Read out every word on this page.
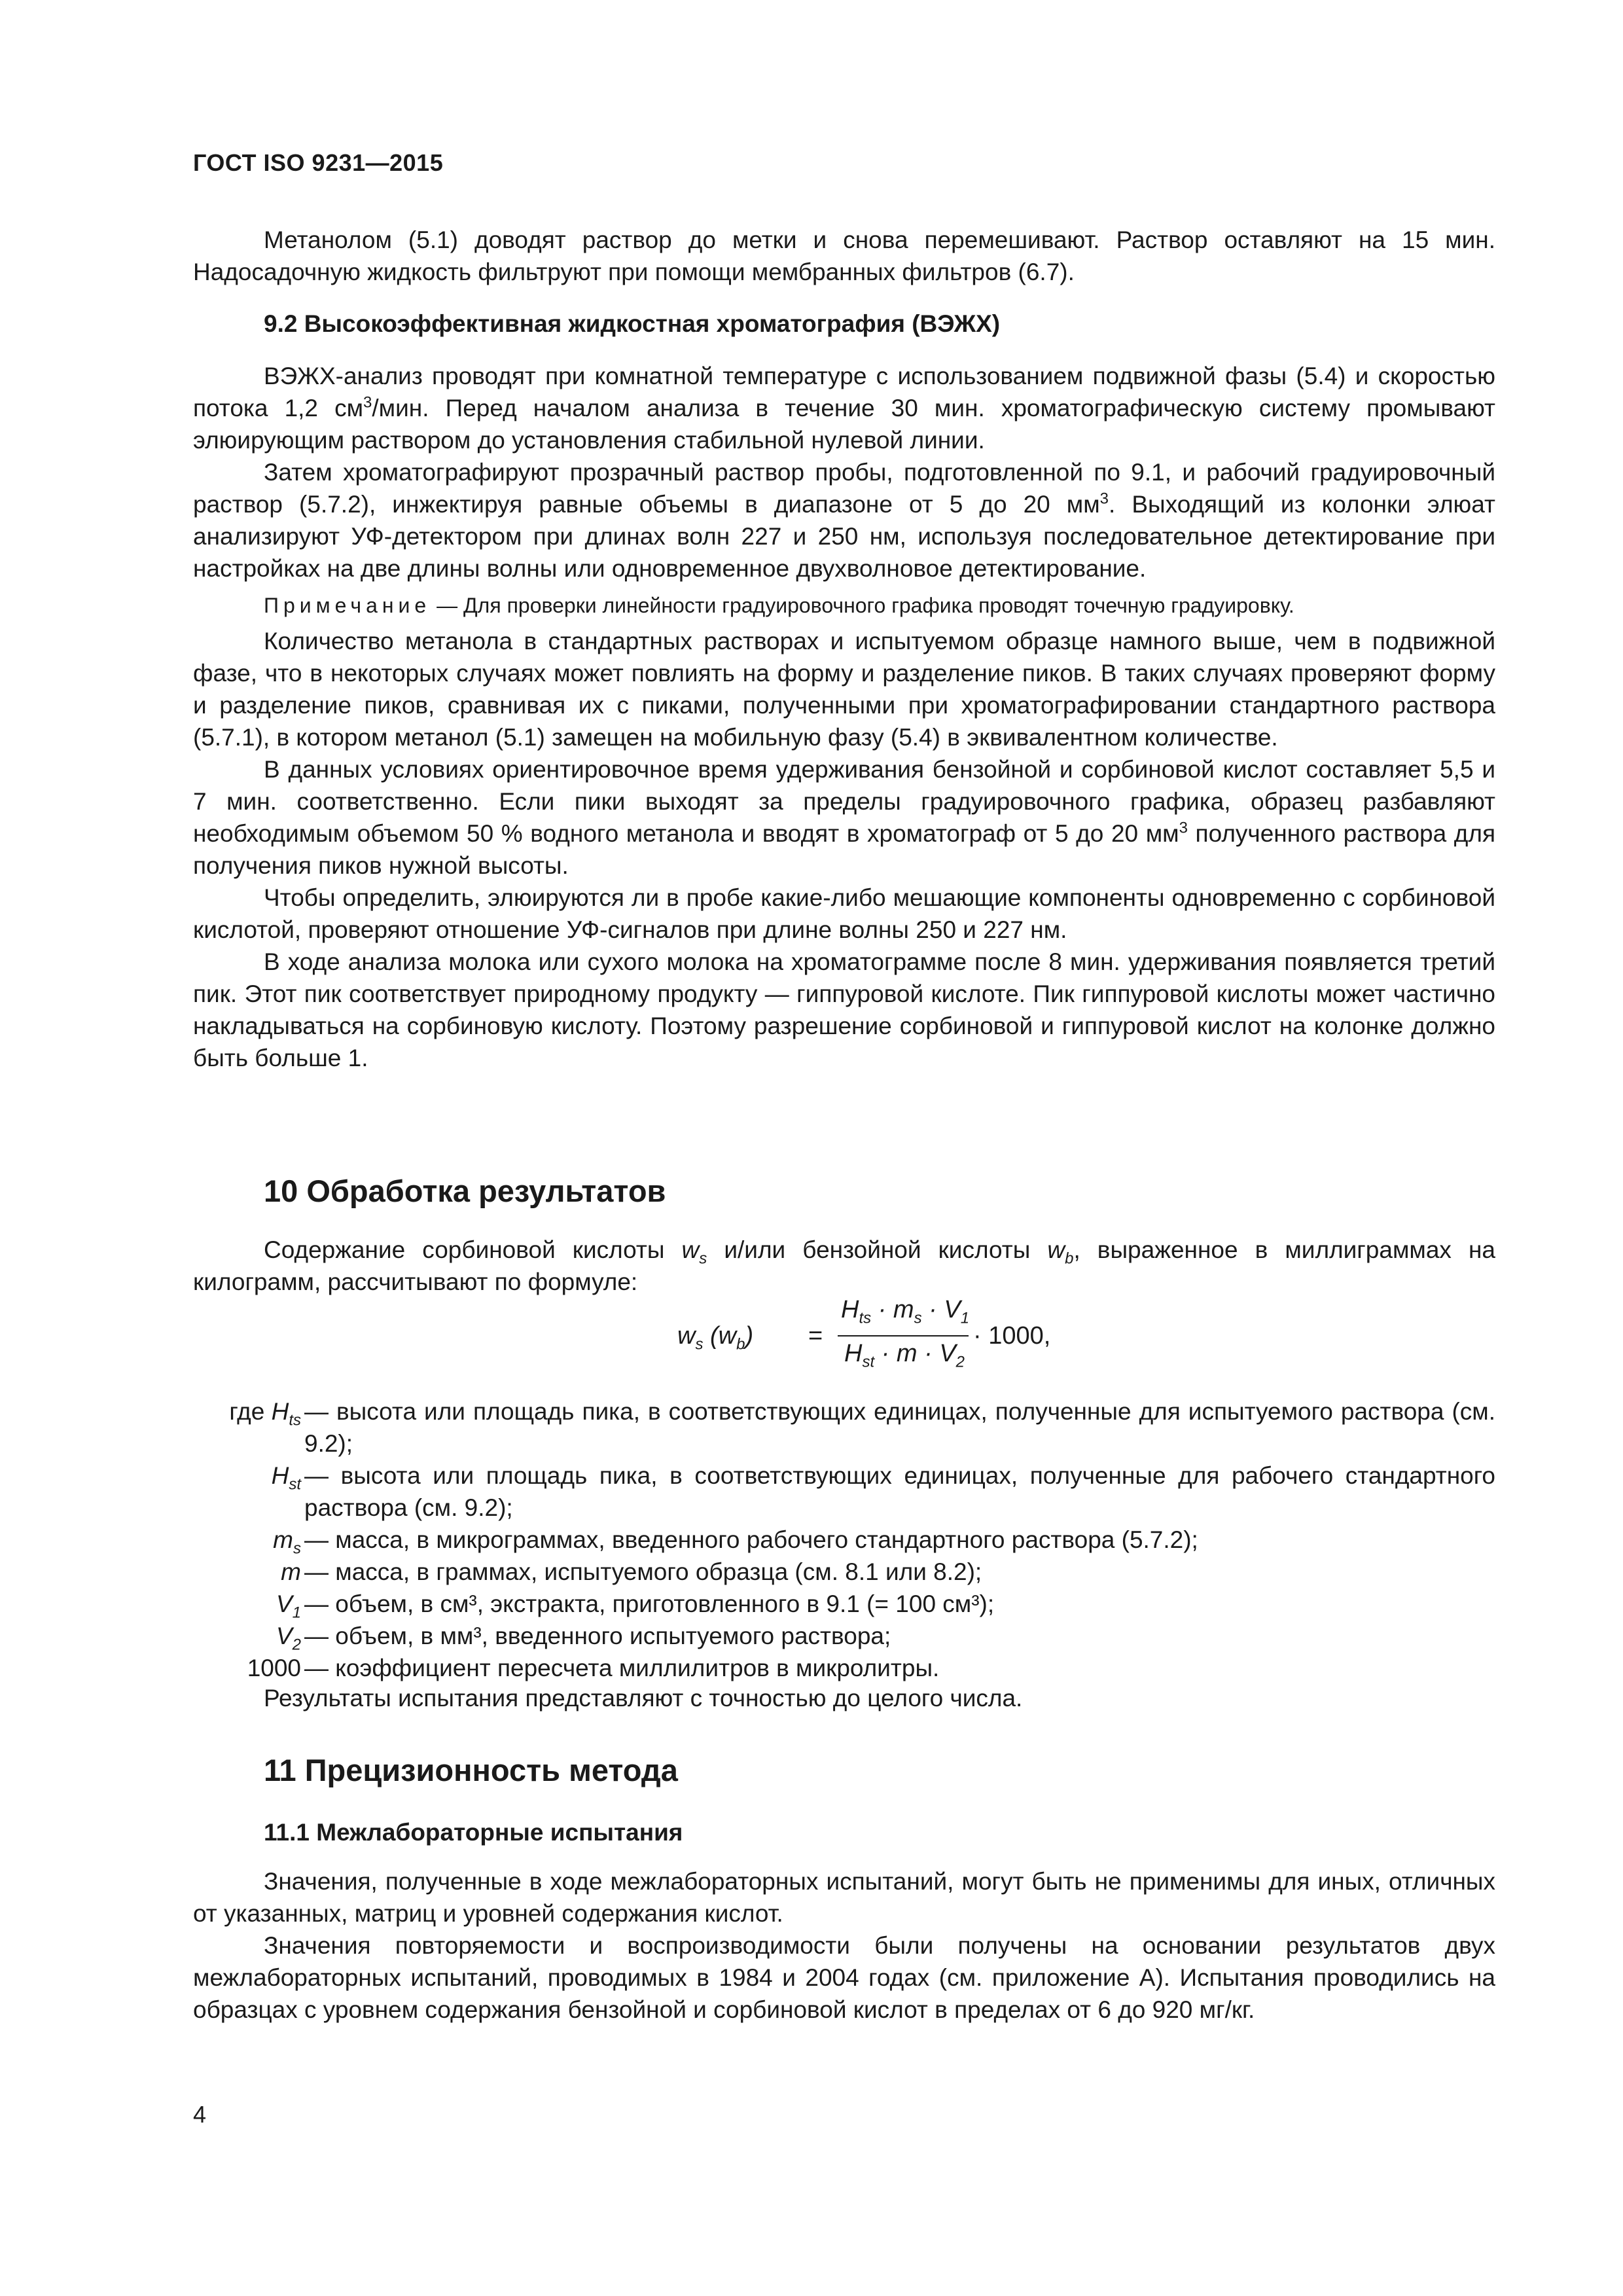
ГОСТ ISO 9231—2015

Метанолом (5.1) доводят раствор до метки и снова перемешивают. Раствор оставляют на 15 мин. Надосадочную жидкость фильтруют при помощи мембранных фильтров (6.7).

9.2 Высокоэффективная жидкостная хроматография (ВЭЖХ)

ВЭЖХ-анализ проводят при комнатной температуре с использованием подвижной фазы (5.4) и скоростью потока 1,2 $см^3$/мин. Перед началом анализа в течение 30 мин. хроматографическую систему промывают элюирующим раствором до установления стабильной нулевой линии.

Затем хроматографируют прозрачный раствор пробы, подготовленной по 9.1, и рабочий градуировочный раствор (5.7.2), инжектируя равные объемы в диапазоне от 5 до 20 $мм^3$. Выходящий из колонки элюат анализируют УФ-детектором при длинах волн 227 и 250 нм, используя последовательное детектирование при настройках на две длины волны или одновременное двухволновое детектирование.

Примечание — Для проверки линейности градуировочного графика проводят точечную градуировку.

Количество метанола в стандартных растворах и испытуемом образце намного выше, чем в подвижной фазе, что в некоторых случаях может повлиять на форму и разделение пиков. В таких случаях проверяют форму и разделение пиков, сравнивая их с пиками, полученными при хроматографировании стандартного раствора (5.7.1), в котором метанол (5.1) замещен на мобильную фазу (5.4) в эквивалентном количестве.

В данных условиях ориентировочное время удерживания бензойной и сорбиновой кислот составляет 5,5 и 7 мин. соответственно. Если пики выходят за пределы градуировочного графика, образец разбавляют необходимым объемом 50 % водного метанола и вводят в хроматограф от 5 до 20 $мм^3$ полученного раствора для получения пиков нужной высоты.

Чтобы определить, элюируются ли в пробе какие-либо мешающие компоненты одновременно с сорбиновой кислотой, проверяют отношение УФ-сигналов при длине волны 250 и 227 нм.

В ходе анализа молока или сухого молока на хроматограмме после 8 мин. удерживания появляется третий пик. Этот пик соответствует природному продукту — гиппуровой кислоте. Пик гиппуровой кислоты может частично накладываться на сорбиновую кислоту. Поэтому разрешение сорбиновой и гиппуровой кислот на колонке должно быть больше 1.

10 Обработка результатов

Содержание сорбиновой кислоты $w_s$ и/или бензойной кислоты $w_b$, выраженное в миллиграммах на килограмм, рассчитывают по формуле:

$w_s$ $(w_b)$ =
$H_{ts} \cdot m_s \cdot V_1$
$H_{st} \cdot m \cdot V_2$
· 1000,
где $H_{ts}$ — высота или площадь пика, в соответствующих единицах, полученные для испытуемого раствора (см. 9.2);
$H_{st}$ — высота или площадь пика, в соответствующих единицах, полученные для рабочего стандартного раствора (см. 9.2);
$m_s$ — масса, в микрограммах, введенного рабочего стандартного раствора (5.7.2);
m — масса, в граммах, испытуемого образца (см. 8.1 или 8.2);
$V_1$ — объем, в см³, экстракта, приготовленного в 9.1 (= 100 см³);
$V_2$ — объем, в мм³, введенного испытуемого раствора;
1000 — коэффициент пересчета миллилитров в микролитры.

Результаты испытания представляют с точностью до целого числа.

11 Прецизионность метода

11.1 Межлабораторные испытания

Значения, полученные в ходе межлабораторных испытаний, могут быть не применимы для иных, отличных от указанных, матриц и уровней содержания кислот.

Значения повторяемости и воспроизводимости были получены на основании результатов двух межлабораторных испытаний, проводимых в 1984 и 2004 годах (см. приложение А). Испытания проводились на образцах с уровнем содержания бензойной и сорбиновой кислот в пределах от 6 до 920 мг/кг.

4
